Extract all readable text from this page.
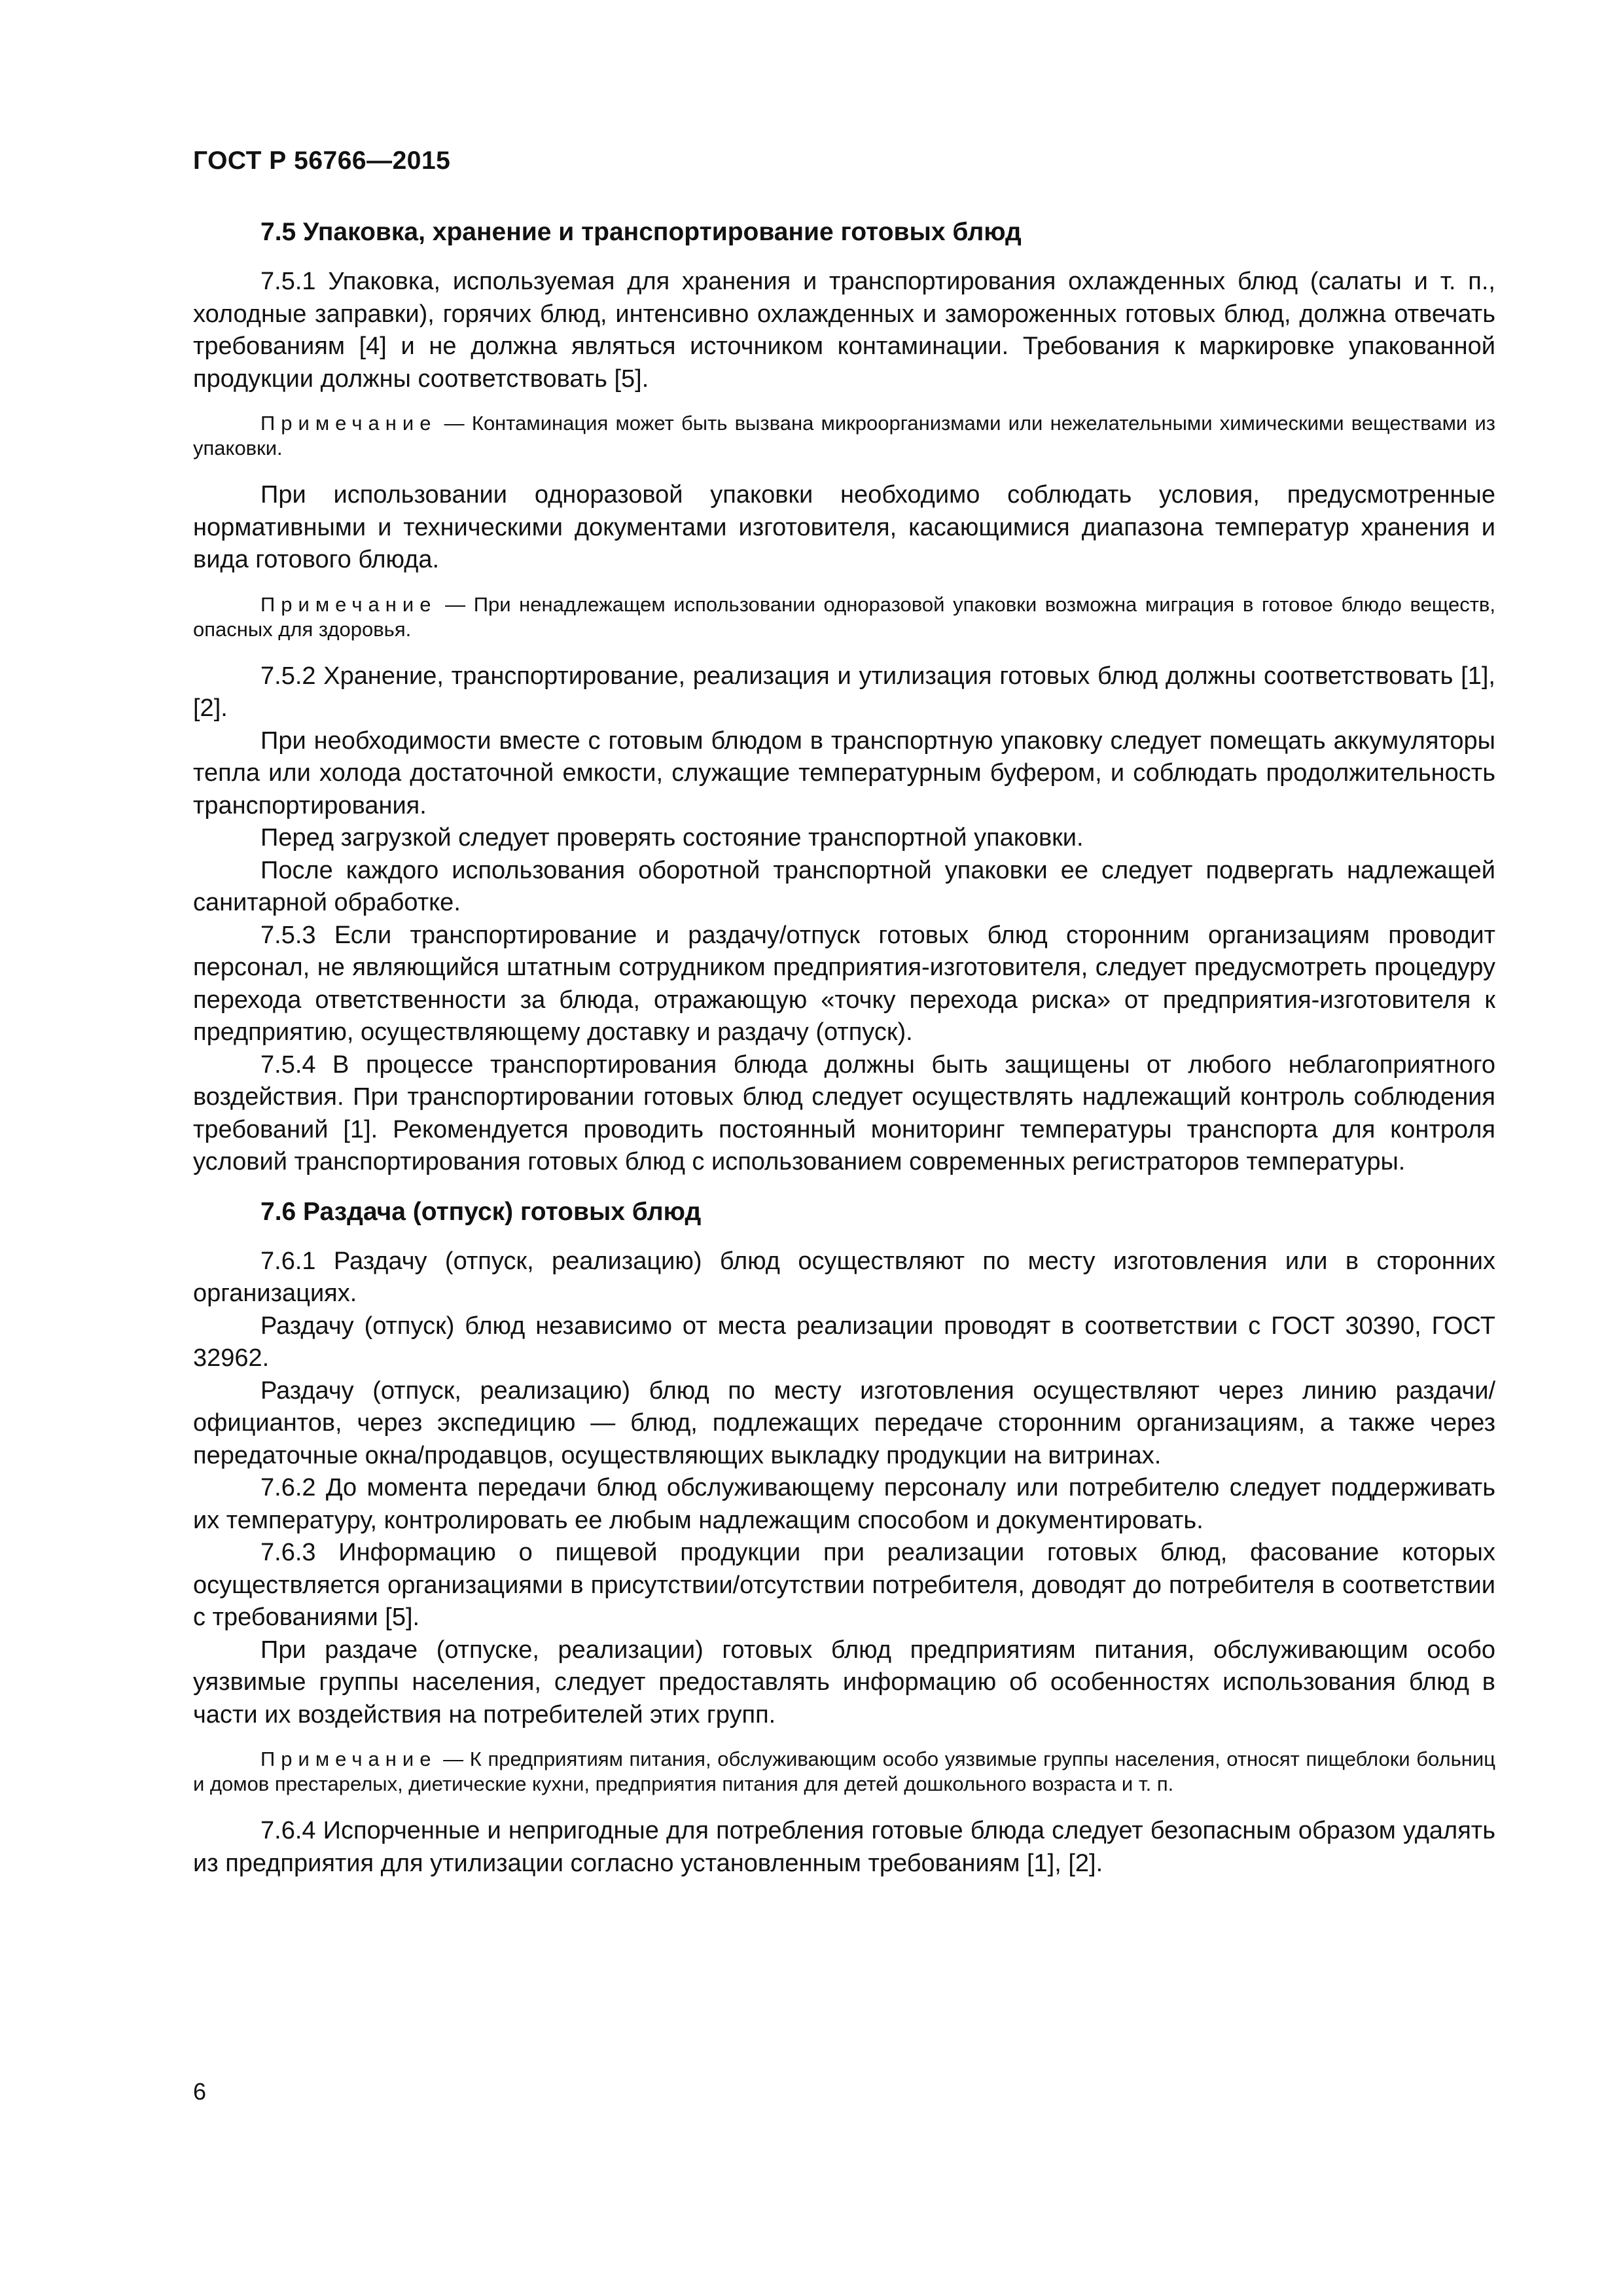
ГОСТ Р 56766—2015
7.5 Упаковка, хранение и транспортирование готовых блюд

7.5.1 Упаковка, используемая для хранения и транспортирования охлажденных блюд (салаты и т. п., холодные заправки), горячих блюд, интенсивно охлажденных и замороженных готовых блюд, должна отвечать требованиям [4] и не должна являться источником контаминации. Требования к маркировке упакованной продукции должны соответствовать [5].

Примечание — Контаминация может быть вызвана микроорганизмами или нежелательными химическими веществами из упаковки.

При использовании одноразовой упаковки необходимо соблюдать условия, предусмотренные нормативными и техническими документами изготовителя, касающимися диапазона температур хранения и вида готового блюда.

Примечание — При ненадлежащем использовании одноразовой упаковки возможна миграция в готовое блюдо веществ, опасных для здоровья.

7.5.2 Хранение, транспортирование, реализация и утилизация готовых блюд должны соответствовать [1], [2].

При необходимости вместе с готовым блюдом в транспортную упаковку следует помещать аккумуляторы тепла или холода достаточной емкости, служащие температурным буфером, и соблюдать продолжительность транспортирования.

Перед загрузкой следует проверять состояние транспортной упаковки.

После каждого использования оборотной транспортной упаковки ее следует подвергать надлежащей санитарной обработке.

7.5.3 Если транспортирование и раздачу/отпуск готовых блюд сторонним организациям проводит персонал, не являющийся штатным сотрудником предприятия-изготовителя, следует предусмотреть процедуру перехода ответственности за блюда, отражающую «точку перехода риска» от предприятия-изготовителя к предприятию, осуществляющему доставку и раздачу (отпуск).

7.5.4 В процессе транспортирования блюда должны быть защищены от любого неблагоприятного воздействия. При транспортировании готовых блюд следует осуществлять надлежащий контроль соблюдения требований [1]. Рекомендуется проводить постоянный мониторинг температуры транспорта для контроля условий транспортирования готовых блюд с использованием современных регистраторов температуры.

7.6 Раздача (отпуск) готовых блюд

7.6.1 Раздачу (отпуск, реализацию) блюд осуществляют по месту изготовления или в сторонних организациях.

Раздачу (отпуск) блюд независимо от места реализации проводят в соответствии с ГОСТ 30390, ГОСТ 32962.

Раздачу (отпуск, реализацию) блюд по месту изготовления осуществляют через линию раздачи/официантов, через экспедицию — блюд, подлежащих передаче сторонним организациям, а также через передаточные окна/продавцов, осуществляющих выкладку продукции на витринах.

7.6.2 До момента передачи блюд обслуживающему персоналу или потребителю следует поддерживать их температуру, контролировать ее любым надлежащим способом и документировать.

7.6.3 Информацию о пищевой продукции при реализации готовых блюд, фасование которых осуществляется организациями в присутствии/отсутствии потребителя, доводят до потребителя в соответствии с требованиями [5].

При раздаче (отпуске, реализации) готовых блюд предприятиям питания, обслуживающим особо уязвимые группы населения, следует предоставлять информацию об особенностях использования блюд в части их воздействия на потребителей этих групп.

Примечание — К предприятиям питания, обслуживающим особо уязвимые группы населения, относят пищеблоки больниц и домов престарелых, диетические кухни, предприятия питания для детей дошкольного возраста и т. п.

7.6.4 Испорченные и непригодные для потребления готовые блюда следует безопасным образом удалять из предприятия для утилизации согласно установленным требованиям [1], [2].

6
